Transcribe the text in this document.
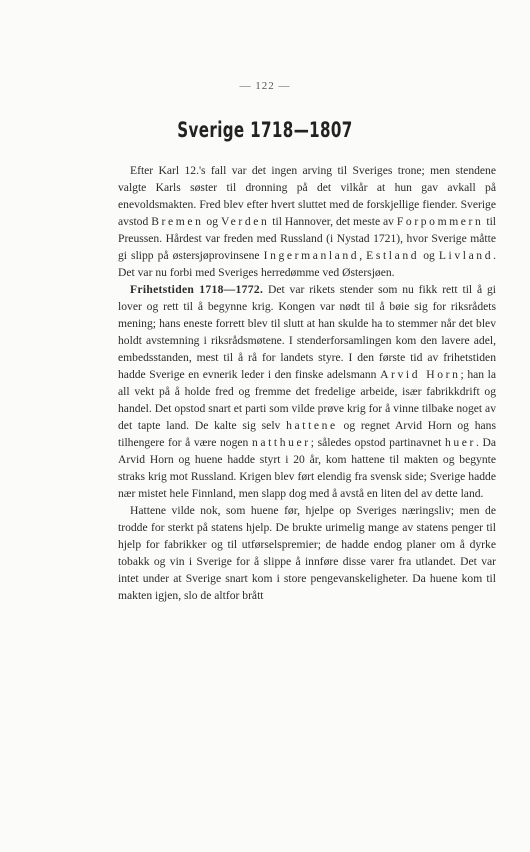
— 122 —
Sverige 1718—1807

Efter Karl 12.'s fall var det ingen arving til Sveriges trone; men stendene valgte Karls søster til dronning på det vilkår at hun gav avkall på enevoldsmakten. Fred blev efter hvert sluttet med de forskjellige fiender. Sverige avstod Bremen og Verden til Hannover, det meste av Forpommern til Preussen. Hårdest var freden med Russland (i Nystad 1721), hvor Sverige måtte gi slipp på østersjøprovinsene Ingermanland, Estland og Livland. Det var nu forbi med Sveriges herredømme ved Østersjøen.

Frihetstiden 1718—1772. Det var rikets stender som nu fikk rett til å gi lover og rett til å begynne krig. Kongen var nødt til å bøie sig for riksrådets mening; hans eneste forrett blev til slutt at han skulde ha to stemmer når det blev holdt avstemning i riksrådsmøtene. I stenderforsamlingen kom den lavere adel, embedsstanden, mest til å rå for landets styre. I den første tid av frihetstiden hadde Sverige en evnerik leder i den finske adelsmann Arvid Horn; han la all vekt på å holde fred og fremme det fredelige arbeide, især fabrikkdrift og handel. Det opstod snart et parti som vilde prøve krig for å vinne tilbake noget av det tapte land. De kalte sig selv hattene og regnet Arvid Horn og hans tilhengere for å være nogen natthuer; således opstod partinavnet huer. Da Arvid Horn og huene hadde styrt i 20 år, kom hattene til makten og begynte straks krig mot Russland. Krigen blev ført elendig fra svensk side; Sverige hadde nær mistet hele Finnland, men slapp dog med å avstå en liten del av dette land.

Hattene vilde nok, som huene før, hjelpe op Sveriges næringsliv; men de trodde for sterkt på statens hjelp. De brukte urimelig mange av statens penger til hjelp for fabrikker og til utførselspremier; de hadde endog planer om å dyrke tobakk og vin i Sverige for å slippe å innføre disse varer fra utlandet. Det var intet under at Sverige snart kom i store pengevanskeligheter. Da huene kom til makten igjen, slo de altfor brått
